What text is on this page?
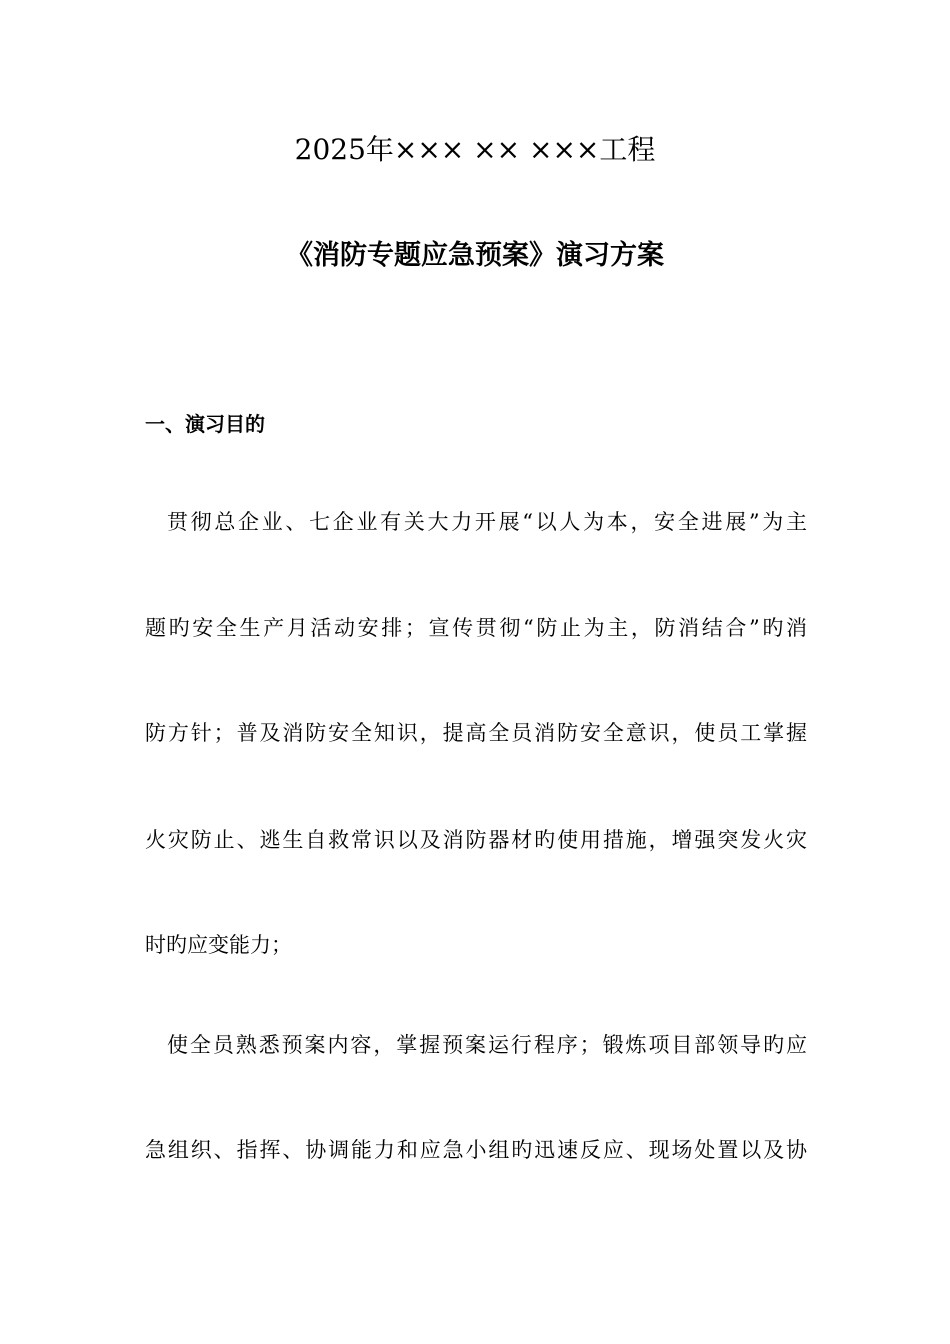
2025年××× ×× ×××工程
《消防专题应急预案》演习方案
一、演习目的
贯彻总企业、七企业有关大力开展“以人为本，安全进展”为主
题旳安全生产月活动安排；宣传贯彻“防止为主，防消结合”旳消
防方针；普及消防安全知识，提高全员消防安全意识，使员工掌握
火灾防止、逃生自救常识以及消防器材旳使用措施，增强突发火灾
时旳应变能力；
使全员熟悉预案内容，掌握预案运行程序；锻炼项目部领导旳应
急组织、指挥、协调能力和应急小组旳迅速反应、现场处置以及协
